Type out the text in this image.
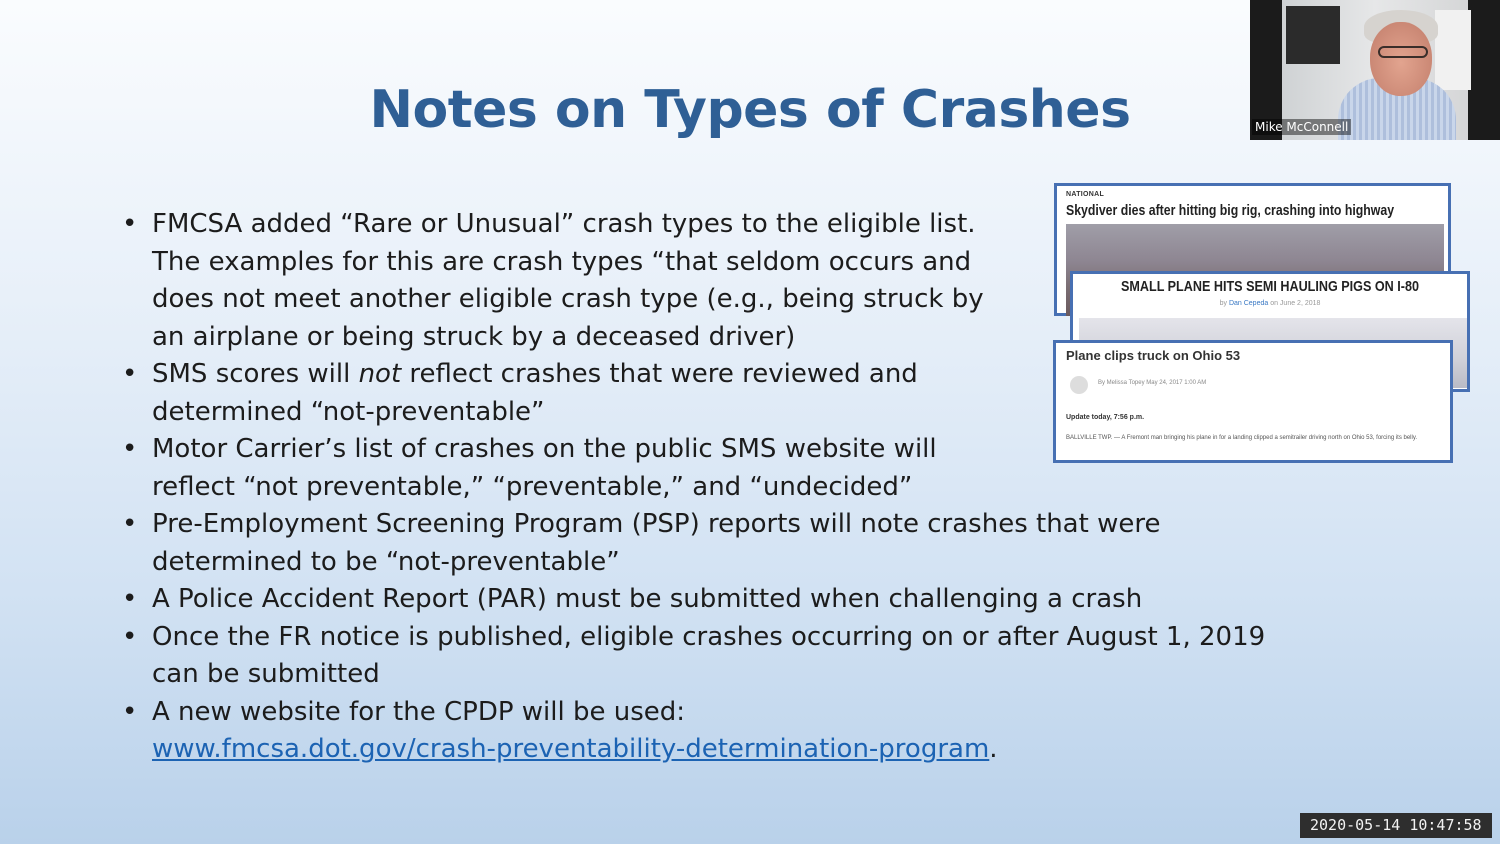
Notes on Types of Crashes
• FMCSA added “Rare or Unusual” crash types to the eligible list. The examples for this are crash types “that seldom occurs and does not meet another eligible crash type (e.g., being struck by an airplane or being struck by a deceased driver)
• SMS scores will not reflect crashes that were reviewed and determined “not-preventable”
• Motor Carrier’s list of crashes on the public SMS website will reflect “not preventable,” “preventable,” and “undecided”
• Pre-Employment Screening Program (PSP) reports will note crashes that were determined to be “not-preventable”
• A Police Accident Report (PAR) must be submitted when challenging a crash
• Once the FR notice is published, eligible crashes occurring on or after August 1, 2019 can be submitted
• A new website for the CPDP will be used:
www.fmcsa.dot.gov/crash-preventability-determination-program.
NATIONAL
Skydiver dies after hitting big rig, crashing into highway
SMALL PLANE HITS SEMI HAULING PIGS ON I-80
by Dan Cepeda on June 2, 2018
Plane clips truck on Ohio 53
By Melissa Topey May 24, 2017 1:00 AM
Update today, 7:56 p.m.
BALLVILLE TWP. — A Fremont man bringing his plane in for a landing clipped a semitrailer driving north on Ohio 53, forcing its belly.
Mike McConnell
2020-05-14 10:47:58
